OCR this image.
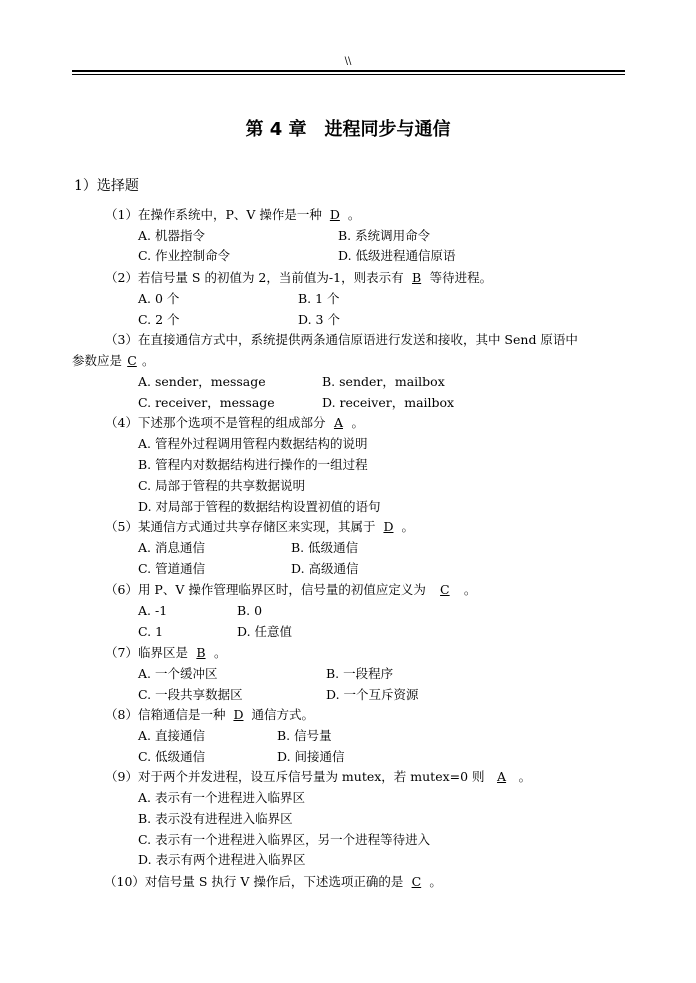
\\
第 4 章　进程同步与通信
1）选择题
（1）在操作系统中，P、V 操作是一种 D 。
A. 机器指令	B. 系统调用命令
C. 作业控制命令	D. 低级进程通信原语
（2）若信号量 S 的初值为 2，当前值为-1，则表示有 B 等待进程。
A. 0 个	B. 1 个
C. 2 个	D. 3 个
（3）在直接通信方式中，系统提供两条通信原语进行发送和接收，其中 Send 原语中
参数应是 C 。
A. sender，message	B. sender，mailbox
C. receiver，message	D. receiver，mailbox
（4）下述那个选项不是管程的组成部分 A 。
A. 管程外过程调用管程内数据结构的说明
B. 管程内对数据结构进行操作的一组过程
C. 局部于管程的共享数据说明
D. 对局部于管程的数据结构设置初值的语句
（5）某通信方式通过共享存储区来实现，其属于 D 。
A. 消息通信	B. 低级通信
C. 管道通信	D. 高级通信
（6）用 P、V 操作管理临界区时，信号量的初值应定义为 C 。
A. -1	B. 0
C. 1	D. 任意值
（7）临界区是 B 。
A. 一个缓冲区	B. 一段程序
C. 一段共享数据区	D. 一个互斥资源
（8）信箱通信是一种 D 通信方式。
A. 直接通信	B. 信号量
C. 低级通信	D. 间接通信
（9）对于两个并发进程，设互斥信号量为 mutex，若 mutex=0 则 A 。
A. 表示有一个进程进入临界区
B. 表示没有进程进入临界区
C. 表示有一个进程进入临界区，另一个进程等待进入
D. 表示有两个进程进入临界区
（10）对信号量 S 执行 V 操作后，下述选项正确的是 C 。
